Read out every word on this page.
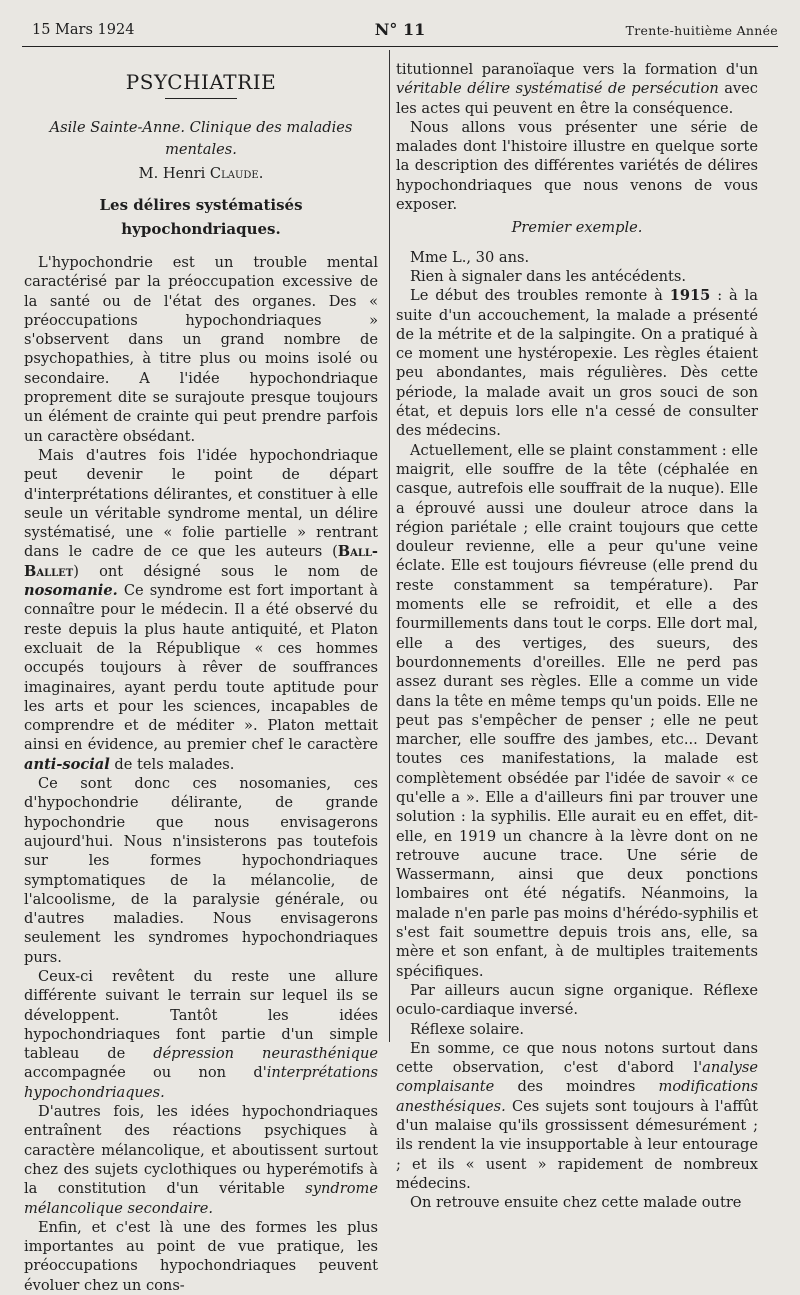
15 Mars 1924	N° 11	Trente-huitième Année
PSYCHIATRIE
Asile Sainte-Anne. Clinique des maladies mentales.
M. Henri Claude.
Les délires systématisés hypochondriaques.

L'hypochondrie est un trouble mental caractérisé par la préoccupation excessive de la santé ou de l'état des organes. Des « préoccupations hypochondriaques » s'observent dans un grand nombre de psychopathies, à titre plus ou moins isolé ou secondaire. A l'idée hypochondriaque proprement dite se surajoute presque toujours un élément de crainte qui peut prendre parfois un caractère obsédant.

Mais d'autres fois l'idée hypochondriaque peut devenir le point de départ d'interprétations délirantes, et constituer à elle seule un véritable syndrome mental, un délire systématisé, une « folie partielle » rentrant dans le cadre de ce que les auteurs (Ball-Ballet) ont désigné sous le nom de nosomanie. Ce syndrome est fort important à connaître pour le médecin. Il a été observé du reste depuis la plus haute antiquité, et Platon excluait de la République « ces hommes occupés toujours à rêver de souffrances imaginaires, ayant perdu toute aptitude pour les arts et pour les sciences, incapables de comprendre et de méditer ». Platon mettait ainsi en évidence, au premier chef le caractère anti-social de tels malades.

Ce sont donc ces nosomanies, ces d'hypochondrie délirante, de grande hypochondrie que nous envisagerons aujourd'hui. Nous n'insisterons pas toutefois sur les formes hypochondriaques symptomatiques de la mélancolie, de l'alcoolisme, de la paralysie générale, ou d'autres maladies. Nous envisagerons seulement les syndromes hypochondriaques purs.

Ceux-ci revêtent du reste une allure différente suivant le terrain sur lequel ils se développent. Tantôt les idées hypochondriaques font partie d'un simple tableau de dépression neurasthénique accompagnée ou non d'interprétations hypochondriaques.

D'autres fois, les idées hypochondriaques entraînent des réactions psychiques à caractère mélancolique, et aboutissent surtout chez des sujets cyclothiques ou hyperémotifs à la constitution d'un véritable syndrome mélancolique secondaire.

Enfin, et c'est là une des formes les plus importantes au point de vue pratique, les préoccupations hypochondriaques peuvent évoluer chez un cons-

titutionnel paranoïaque vers la formation d'un véritable délire systématisé de persécution avec les actes qui peuvent en être la conséquence.

Nous allons vous présenter une série de malades dont l'histoire illustre en quelque sorte la description des différentes variétés de délires hypochondriaques que nous venons de vous exposer.

Premier exemple.

Mme L., 30 ans.

Rien à signaler dans les antécédents.

Le début des troubles remonte à 1915 : à la suite d'un accouchement, la malade a présenté de la métrite et de la salpingite. On a pratiqué à ce moment une hystéropexie. Les règles étaient peu abondantes, mais régulières. Dès cette période, la malade avait un gros souci de son état, et depuis lors elle n'a cessé de consulter des médecins.

Actuellement, elle se plaint constamment : elle maigrit, elle souffre de la tête (céphalée en casque, autrefois elle souffrait de la nuque). Elle a éprouvé aussi une douleur atroce dans la région pariétale ; elle craint toujours que cette douleur revienne, elle a peur qu'une veine éclate. Elle est toujours fiévreuse (elle prend du reste constamment sa température). Par moments elle se refroidit, et elle a des fourmillements dans tout le corps. Elle dort mal, elle a des vertiges, des sueurs, des bourdonnements d'oreilles. Elle ne perd pas assez durant ses règles. Elle a comme un vide dans la tête en même temps qu'un poids. Elle ne peut pas s'empêcher de penser ; elle ne peut marcher, elle souffre des jambes, etc... Devant toutes ces manifestations, la malade est complètement obsédée par l'idée de savoir « ce qu'elle a ». Elle a d'ailleurs fini par trouver une solution : la syphilis. Elle aurait eu en effet, dit-elle, en 1919 un chancre à la lèvre dont on ne retrouve aucune trace. Une série de Wassermann, ainsi que deux ponctions lombaires ont été négatifs. Néanmoins, la malade n'en parle pas moins d'hérédo-syphilis et s'est fait soumettre depuis trois ans, elle, sa mère et son enfant, à de multiples traitements spécifiques.

Par ailleurs aucun signe organique. Réflexe oculo-cardiaque inversé.

Réflexe solaire.

En somme, ce que nous notons surtout dans cette observation, c'est d'abord l'analyse complaisante des moindres modifications anesthésiques. Ces sujets sont toujours à l'affût d'un malaise qu'ils grossissent démesurément ; ils rendent la vie insupportable à leur entourage ; et ils « usent » rapidement de nombreux médecins.

On retrouve ensuite chez cette malade outre
